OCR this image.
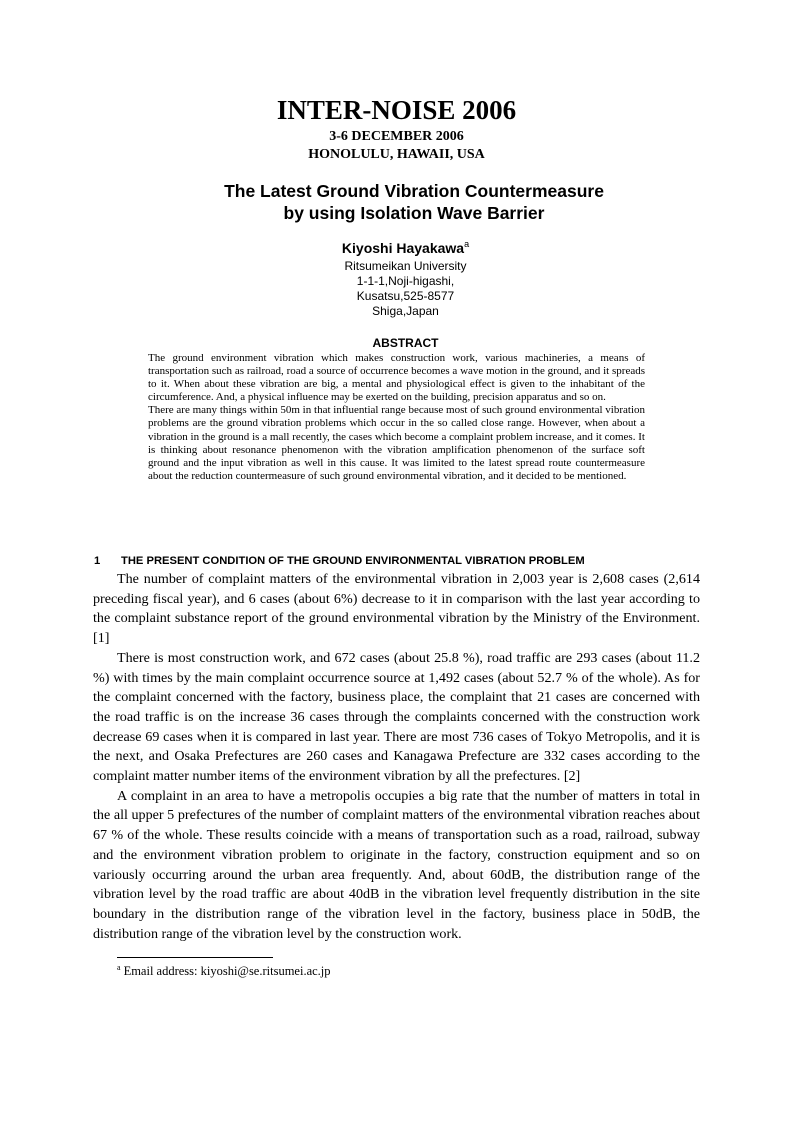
INTER-NOISE 2006
3-6 DECEMBER 2006
HONOLULU, HAWAII, USA
The Latest Ground Vibration Countermeasure
by using Isolation Wave Barrier
Kiyoshi Hayakawa$^a$
Ritsumeikan University
1-1-1,Noji-higashi,
Kusatsu,525-8577
Shiga,Japan
ABSTRACT

The ground environment vibration which makes construction work, various machineries, a means of transportation such as railroad, road a source of occurrence becomes a wave motion in the ground, and it spreads to it. When about these vibration are big, a mental and physiological effect is given to the inhabitant of the circumference. And, a physical influence may be exerted on the building, precision apparatus and so on.

There are many things within 50m in that influential range because most of such ground environmental vibration problems are the ground vibration problems which occur in the so called close range. However, when about a vibration in the ground is a mall recently, the cases which become a complaint problem increase, and it comes. It is thinking about resonance phenomenon with the vibration amplification phenomenon of the surface soft ground and the input vibration as well in this cause. It was limited to the latest spread route countermeasure about the reduction countermeasure of such ground environmental vibration, and it decided to be mentioned.

1 THE PRESENT CONDITION OF THE GROUND ENVIRONMENTAL VIBRATION PROBLEM

The number of complaint matters of the environmental vibration in 2,003 year is 2,608 cases (2,614 preceding fiscal year), and 6 cases (about 6%) decrease to it in comparison with the last year according to the complaint substance report of the ground environmental vibration by the Ministry of the Environment.[1]

There is most construction work, and 672 cases (about 25.8 %), road traffic are 293 cases (about 11.2 %) with times by the main complaint occurrence source at 1,492 cases (about 52.7 % of the whole). As for the complaint concerned with the factory, business place, the complaint that 21 cases are concerned with the road traffic is on the increase 36 cases through the complaints concerned with the construction work decrease 69 cases when it is compared in last year. There are most 736 cases of Tokyo Metropolis, and it is the next, and Osaka Prefectures are 260 cases and Kanagawa Prefecture are 332 cases according to the complaint matter number items of the environment vibration by all the prefectures. [2]

A complaint in an area to have a metropolis occupies a big rate that the number of matters in total in the all upper 5 prefectures of the number of complaint matters of the environmental vibration reaches about 67 % of the whole. These results coincide with a means of transportation such as a road, railroad, subway and the environment vibration problem to originate in the factory, construction equipment and so on variously occurring around the urban area frequently. And, about 60dB, the distribution range of the vibration level by the road traffic are about 40dB in the vibration level frequently distribution in the site boundary in the distribution range of the vibration level in the factory, business place in 50dB, the distribution range of the vibration level by the construction work.

$^a$ Email address: kiyoshi@se.ritsumei.ac.jp
